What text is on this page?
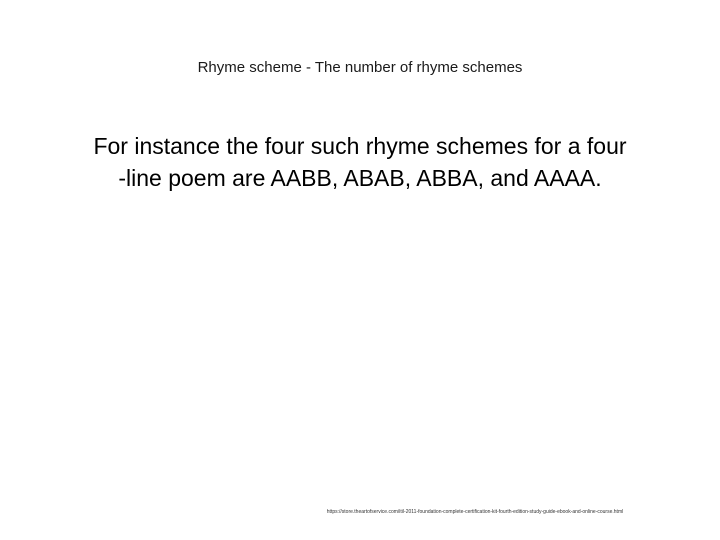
Rhyme scheme - The number of rhyme schemes
For instance the four such rhyme schemes for a four
-line poem are AABB, ABAB, ABBA, and AAAA.
https://store.theartofservice.com/itil-2011-foundation-complete-certification-kit-fourth-edition-study-guide-ebook-and-online-course.html
